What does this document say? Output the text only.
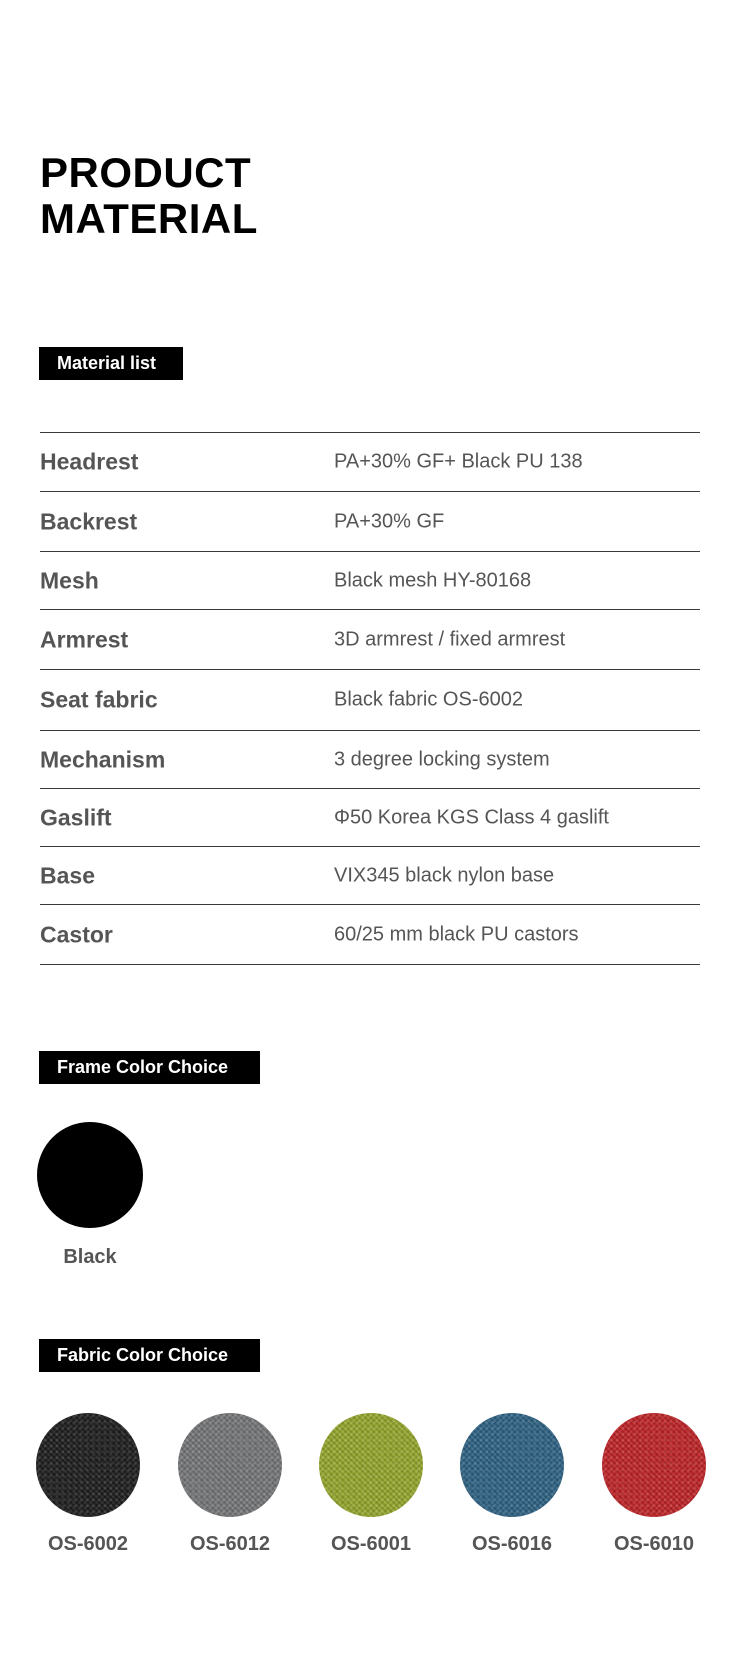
PRODUCT
MATERIAL
Material list
Headrest	PA+30% GF+ Black PU 138
Backrest	PA+30% GF
Mesh	Black mesh HY-80168
Armrest	3D armrest / fixed armrest
Seat fabric	Black fabric OS-6002
Mechanism	3 degree locking system
Gaslift	Φ50 Korea KGS Class 4 gaslift
Base	VIX345 black nylon base
Castor	60/25 mm black PU castors
Frame Color Choice
Black
Fabric Color Choice
OS-6002	OS-6012	OS-6001	OS-6016	OS-6010
